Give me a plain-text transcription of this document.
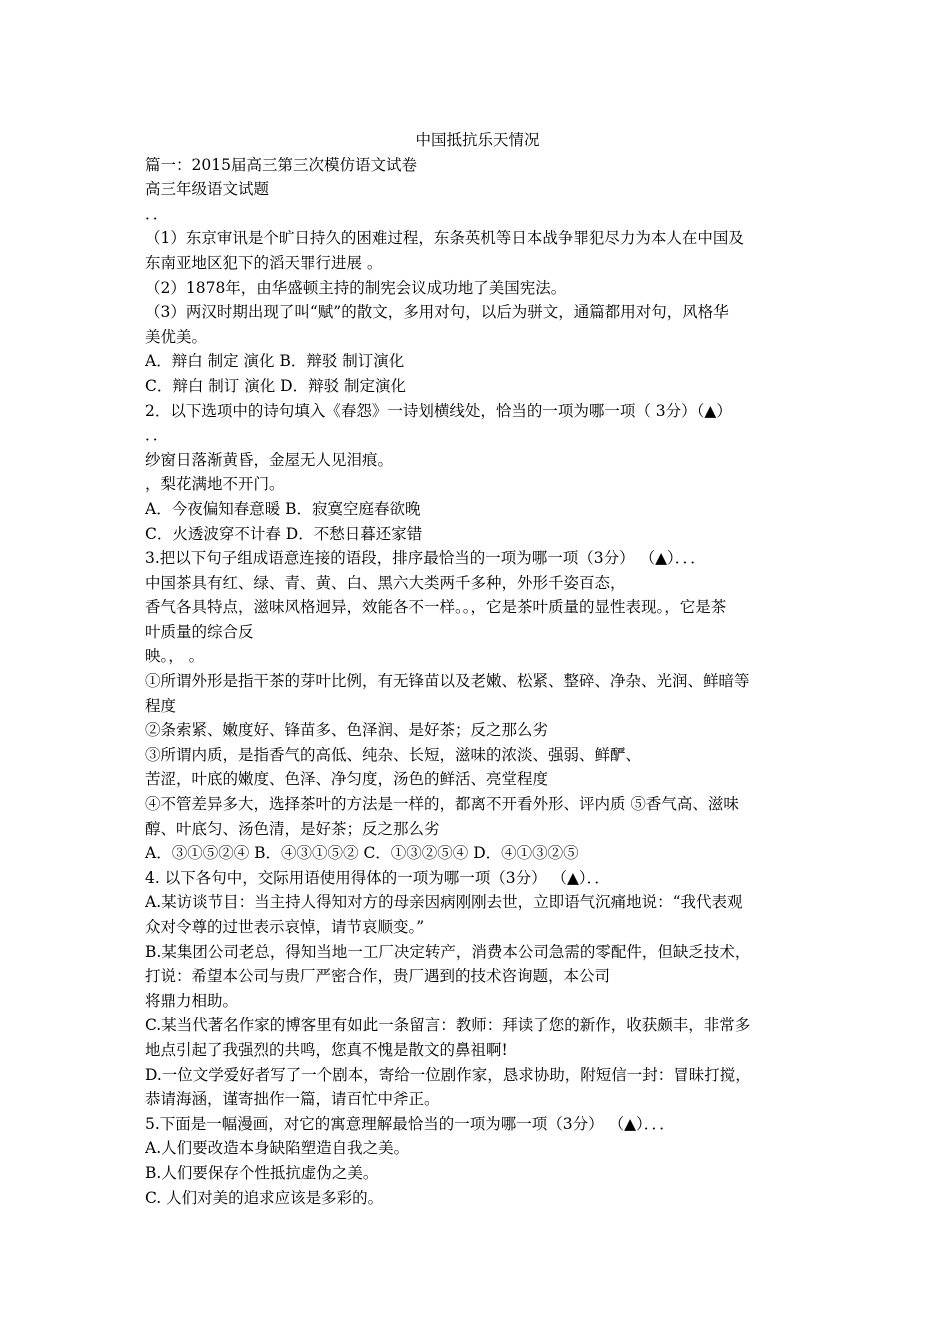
中国抵抗乐天情况
篇一：2015届高三第三次模仿语文试卷
高三年级语文试题
．．
（1）东京审讯是个旷日持久的困难过程，东条英机等日本战争罪犯尽力为本人在中国及
东南亚地区犯下的滔天罪行进展 。
（2）1878年，由华盛顿主持的制宪会议成功地了美国宪法。
（3）两汉时期出现了叫“赋”的散文，多用对句，以后为骈文，通篇都用对句，风格华
美优美。
A．辩白 制定 演化 B．辩驳 制订演化
C．辩白 制订 演化 D．辩驳 制定演化
2．以下选项中的诗句填入《春怨》一诗划横线处，恰当的一项为哪一项（ 3分）（▲）
．．
纱窗日落渐黄昏，金屋无人见泪痕。
，梨花满地不开门。
A．今夜偏知春意暖 B．寂寞空庭春欲晚
C．火透波穿不计春 D．不愁日暮还家错
3.把以下句子组成语意连接的语段，排序最恰当的一项为哪一项（3分） （▲）．．．
中国茶具有红、绿、青、黄、白、黑六大类两千多种，外形千姿百态，
香气各具特点，滋味风格迥异，效能各不一样。。，它是茶叶质量的显性表现。，它是茶
叶质量的综合反
映。， 。
①所谓外形是指干茶的芽叶比例，有无锋苗以及老嫩、松紧、整碎、净杂、光润、鲜暗等
程度
②条索紧、嫩度好、锋苗多、色泽润、是好茶；反之那么劣
③所谓内质，是指香气的高低、纯杂、长短，滋味的浓淡、强弱、鲜酽、
苦涩，叶底的嫩度、色泽、净匀度，汤色的鲜活、亮堂程度
④不管差异多大，选择茶叶的方法是一样的，都离不开看外形、评内质 ⑤香气高、滋味
醇、叶底匀、汤色清，是好茶；反之那么劣
A．③①⑤②④ B．④③①⑤② C．①③②⑤④ D．④①③②⑤
4. 以下各句中，交际用语使用得体的一项为哪一项（3分） （▲）．．
A.某访谈节目：当主持人得知对方的母亲因病刚刚去世，立即语气沉痛地说：“我代表观
众对令尊的过世表示哀悼，请节哀顺变。”
B.某集团公司老总，得知当地一工厂决定转产，消费本公司急需的零配件，但缺乏技术，
打说：希望本公司与贵厂严密合作，贵厂遇到的技术咨询题，本公司
将鼎力相助。
C.某当代著名作家的博客里有如此一条留言：教师：拜读了您的新作，收获颇丰，非常多
地点引起了我强烈的共鸣，您真不愧是散文的鼻祖啊!
D.一位文学爱好者写了一个剧本，寄给一位剧作家，恳求协助，附短信一封：冒昧打搅，
恭请海涵，谨寄拙作一篇，请百忙中斧正。
5.下面是一幅漫画，对它的寓意理解最恰当的一项为哪一项（3分） （▲）．．．
A.人们要改造本身缺陷塑造自我之美。
B.人们要保存个性抵抗虚伪之美。
C. 人们对美的追求应该是多彩的。
